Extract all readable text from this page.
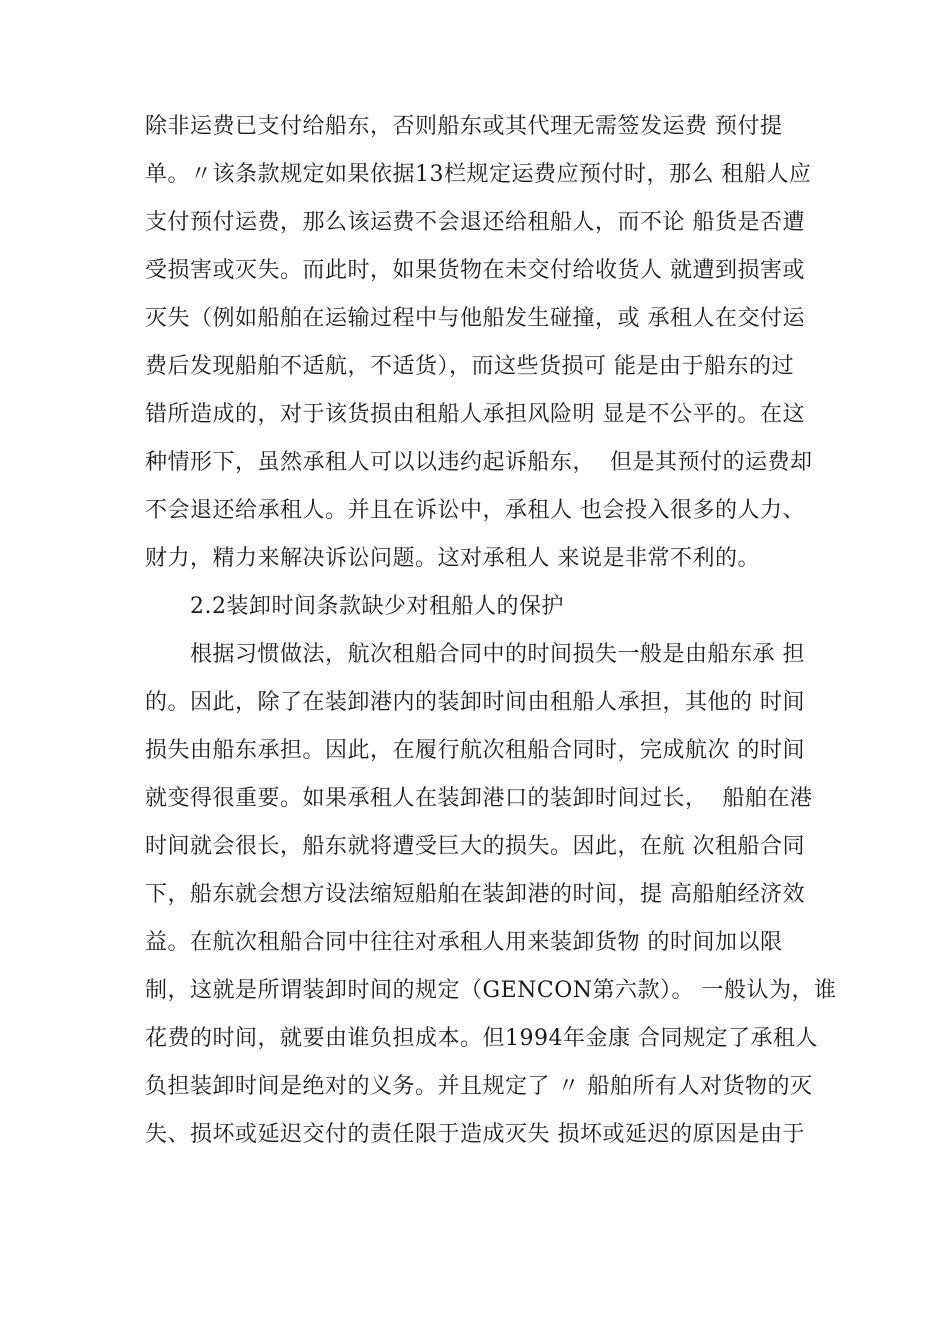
除非运费已支付给船东，否则船东或其代理无需签发运费 预付提
单。〃该条款规定如果依据13栏规定运费应预付时，那么 租船人应
支付预付运费，那么该运费不会退还给租船人，而不论 船货是否遭
受损害或灭失。而此时，如果货物在未交付给收货人 就遭到损害或
灭失（例如船舶在运输过程中与他船发生碰撞，或 承租人在交付运
费后发现船舶不适航，不适货），而这些货损可 能是由于船东的过
错所造成的，对于该货损由租船人承担风险明 显是不公平的。在这
种情形下，虽然承租人可以以违约起诉船东，  但是其预付的运费却
不会退还给承租人。并且在诉讼中，承租人 也会投入很多的人力、
财力，精力来解决诉讼问题。这对承租人 来说是非常不利的。
2.2装卸时间条款缺少对租船人的保护
根据习惯做法，航次租船合同中的时间损失一般是由船东承 担
的。因此，除了在装卸港内的装卸时间由租船人承担，其他的 时间
损失由船东承担。因此，在履行航次租船合同时，完成航次 的时间
就变得很重要。如果承租人在装卸港口的装卸时间过长，  船舶在港
时间就会很长，船东就将遭受巨大的损失。因此，在航 次租船合同
下，船东就会想方设法缩短船舶在装卸港的时间，提 高船舶经济效
益。在航次租船合同中往往对承租人用来装卸货物 的时间加以限
制，这就是所谓装卸时间的规定（GENCON第六款）。 一般认为，谁
花费的时间，就要由谁负担成本。但1994年金康 合同规定了承租人
负担装卸时间是绝对的义务。并且规定了 〃 船舶所有人对货物的灭
失、损坏或延迟交付的责任限于造成灭失 损坏或延迟的原因是由于
